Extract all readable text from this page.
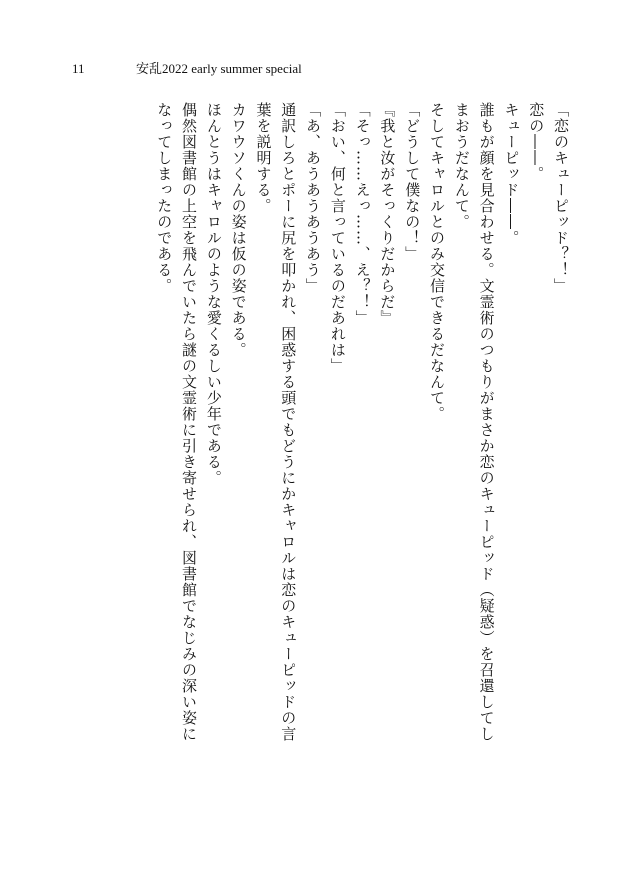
11	安乱2022 early summer special

「恋のキューピッド？！」

恋の――。

キューピッド――。

誰もが顔を見合わせる。文霊術のつもりがまさか恋のキューピッド（疑惑）を召還してし

まおうだなんて。

そしてキャロルとのみ交信できるだなんて。

「どうして僕なの！」

『我と汝がそっくりだからだ』

「そっ……えっ……、え？！」

「おい、何と言っているのだあれは」

「あ、あうあうあうあう」

通訳しろとポーに尻を叩かれ、困惑する頭でもどうにかキャロルは恋のキューピッドの言

葉を説明する。

カワウソくんの姿は仮の姿である。

ほんとうはキャロルのような愛くるしい少年である。

偶然図書館の上空を飛んでいたら謎の文霊術に引き寄せられ、図書館でなじみの深い姿に

なってしまったのである。
